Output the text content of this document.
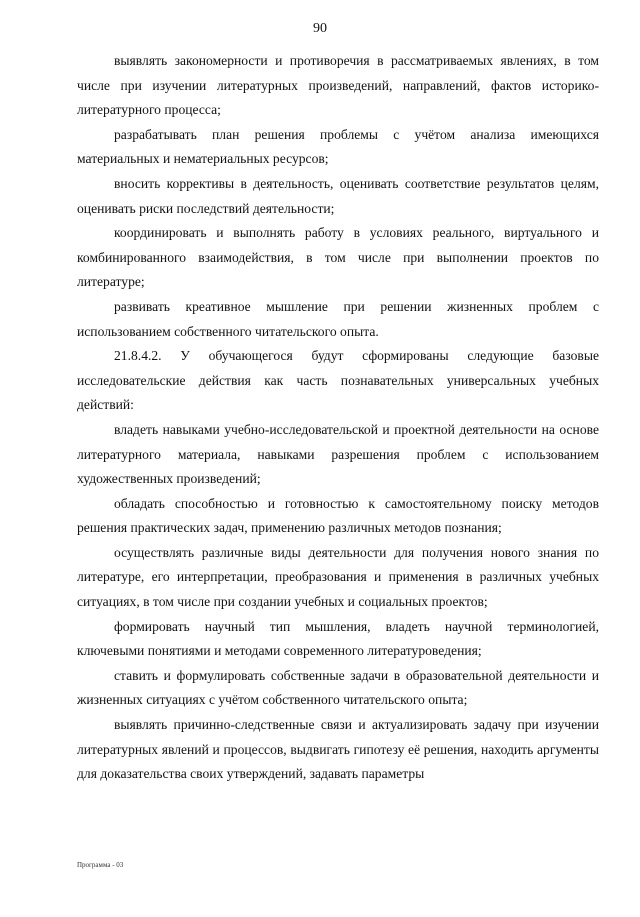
90

выявлять закономерности и противоречия в рассматриваемых явлениях, в том числе при изучении литературных произведений, направлений, фактов историко-литературного процесса;

разрабатывать план решения проблемы с учётом анализа имеющихся материальных и нематериальных ресурсов;

вносить коррективы в деятельность, оценивать соответствие результатов целям, оценивать риски последствий деятельности;

координировать и выполнять работу в условиях реального, виртуального и комбинированного взаимодействия, в том числе при выполнении проектов по литературе;

развивать креативное мышление при решении жизненных проблем с использованием собственного читательского опыта.

21.8.4.2. У обучающегося будут сформированы следующие базовые исследовательские действия как часть познавательных универсальных учебных действий:

владеть навыками учебно-исследовательской и проектной деятельности на основе литературного материала, навыками разрешения проблем с использованием художественных произведений;

обладать способностью и готовностью к самостоятельному поиску методов решения практических задач, применению различных методов познания;

осуществлять различные виды деятельности для получения нового знания по литературе, его интерпретации, преобразования и применения в различных учебных ситуациях, в том числе при создании учебных и социальных проектов;

формировать научный тип мышления, владеть научной терминологией, ключевыми понятиями и методами современного литературоведения;

ставить и формулировать собственные задачи в образовательной деятельности и жизненных ситуациях с учётом собственного читательского опыта;

выявлять причинно-следственные связи и актуализировать задачу при изучении литературных явлений и процессов, выдвигать гипотезу её решения, находить аргументы для доказательства своих утверждений, задавать параметры

Программа - 03
